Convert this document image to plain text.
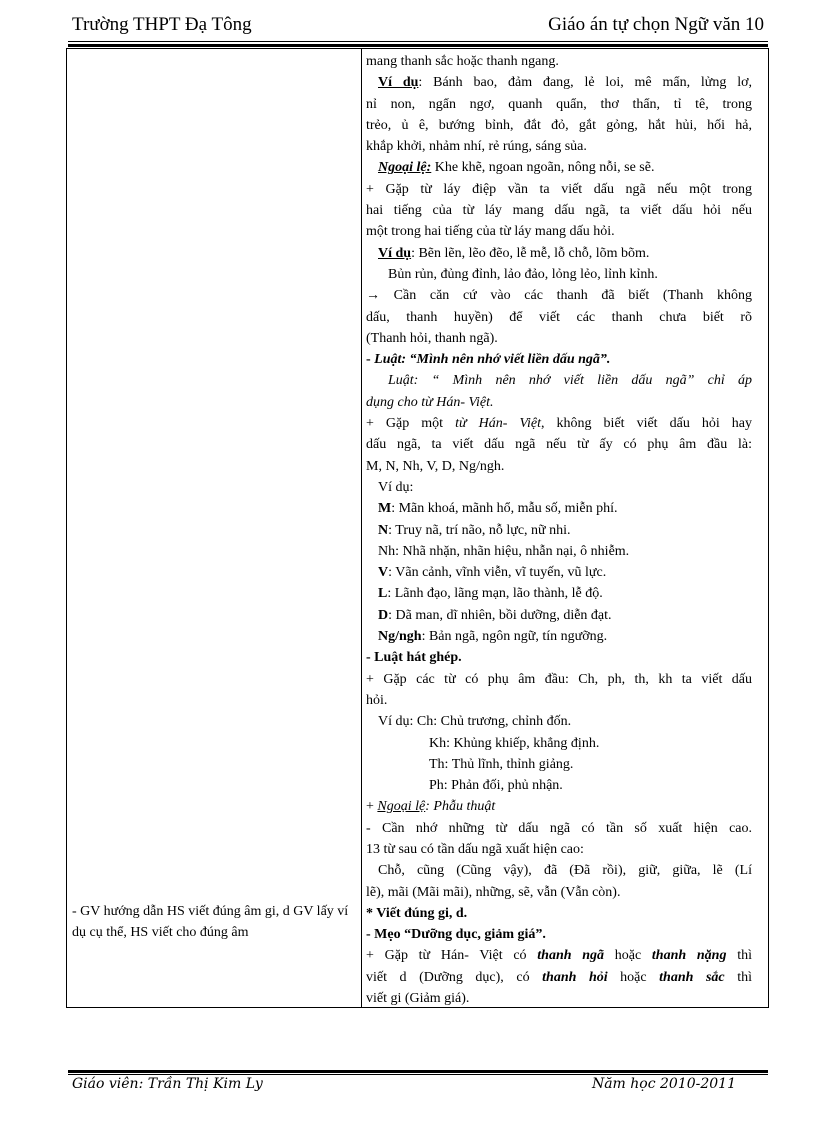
Trường THPT Đạ Tông	Giáo án tự chọn Ngữ văn 10
- GV hướng dẫn HS viết đúng âm gi, d GV lấy ví dụ cụ thể, HS viết cho đúng âm

mang thanh sắc hoặc thanh ngang.

Ví dụ: Bánh bao, đảm đang, lẻ loi, mê mẩn, lửng lơ,

nỉ non, ngẩn ngơ, quanh quẩn, thơ thẩn, tỉ tê, trong

trẻo, ủ ê, bướng bỉnh, đắt đỏ, gắt gỏng, hắt hủi, hối hả,

khắp khởi, nhảm nhí, rẻ rúng, sáng sủa.

Ngoại lệ: Khe khẽ, ngoan ngoãn, nông nỗi, se sẽ.

+ Gặp từ láy điệp vần ta viết dấu ngã nếu một trong

hai tiếng của từ láy mang dấu ngã, ta viết dấu hỏi nếu

một trong hai tiếng của từ láy mang dấu hỏi.

Ví dụ: Bẽn lẽn, lẽo đẽo, lễ mễ, lỗ chỗ, lõm bõm.

Bủn rủn, đủng đỉnh, lảo đảo, lỏng lẻo, lỉnh kỉnh.

→ Cần căn cứ vào các thanh đã biết (Thanh không

dấu, thanh huyền) để viết các thanh chưa biết rõ

(Thanh hỏi, thanh ngã).

- Luật: “Mình nên nhớ viết liền dấu ngã”.

Luật: “ Mình nên nhớ viết liền dấu ngã” chỉ áp

dụng cho từ Hán- Việt.

+ Gặp một từ Hán- Việt, không biết viết dấu hỏi hay

dấu ngã, ta viết dấu ngã nếu từ ấy có phụ âm đầu là:

M, N, Nh, V, D, Ng/ngh.

Ví dụ:

M: Mãn khoá, mãnh hổ, mẫu số, miễn phí.

N: Truy nã, trí não, nỗ lực, nữ nhi.

Nh: Nhã nhặn, nhãn hiệu, nhẫn nại, ô nhiễm.

V: Vãn cảnh, vĩnh viễn, vĩ tuyến, vũ lực.

L: Lãnh đạo, lãng mạn, lão thành, lễ độ.

D: Dã man, dĩ nhiên, bồi dưỡng, diễn đạt.

Ng/ngh: Bản ngã, ngôn ngữ, tín ngưỡng.

- Luật hát ghép.

+ Gặp các từ có phụ âm đầu: Ch, ph, th, kh ta viết dấu

hỏi.

Ví dụ: Ch: Chủ trương, chỉnh đốn.

Kh: Khủng khiếp, khẳng định.

Th: Thủ lĩnh, thỉnh giảng.

Ph: Phản đối, phủ nhận.

+ Ngoại lệ: Phẫu thuật

- Cần nhớ những từ dấu ngã có tần số xuất hiện cao.

13 từ sau có tần dấu ngã xuất hiện cao:

Chỗ, cũng (Cũng vậy), đã (Đã rồi), giữ, giữa, lẽ (Lí

lẽ), mãi (Mãi mãi), những, sẽ, vẫn (Vẫn còn).

* Viết đúng gi, d.

- Mẹo “Dưỡng dục, giảm giá”.

+ Gặp từ Hán- Việt có thanh ngã hoặc thanh nặng thì

viết d (Dưỡng dục), có thanh hỏi hoặc thanh sắc thì

viết gi (Giảm giá).

Giáo viên: Trần Thị Kim Ly	Năm học 2010-2011
